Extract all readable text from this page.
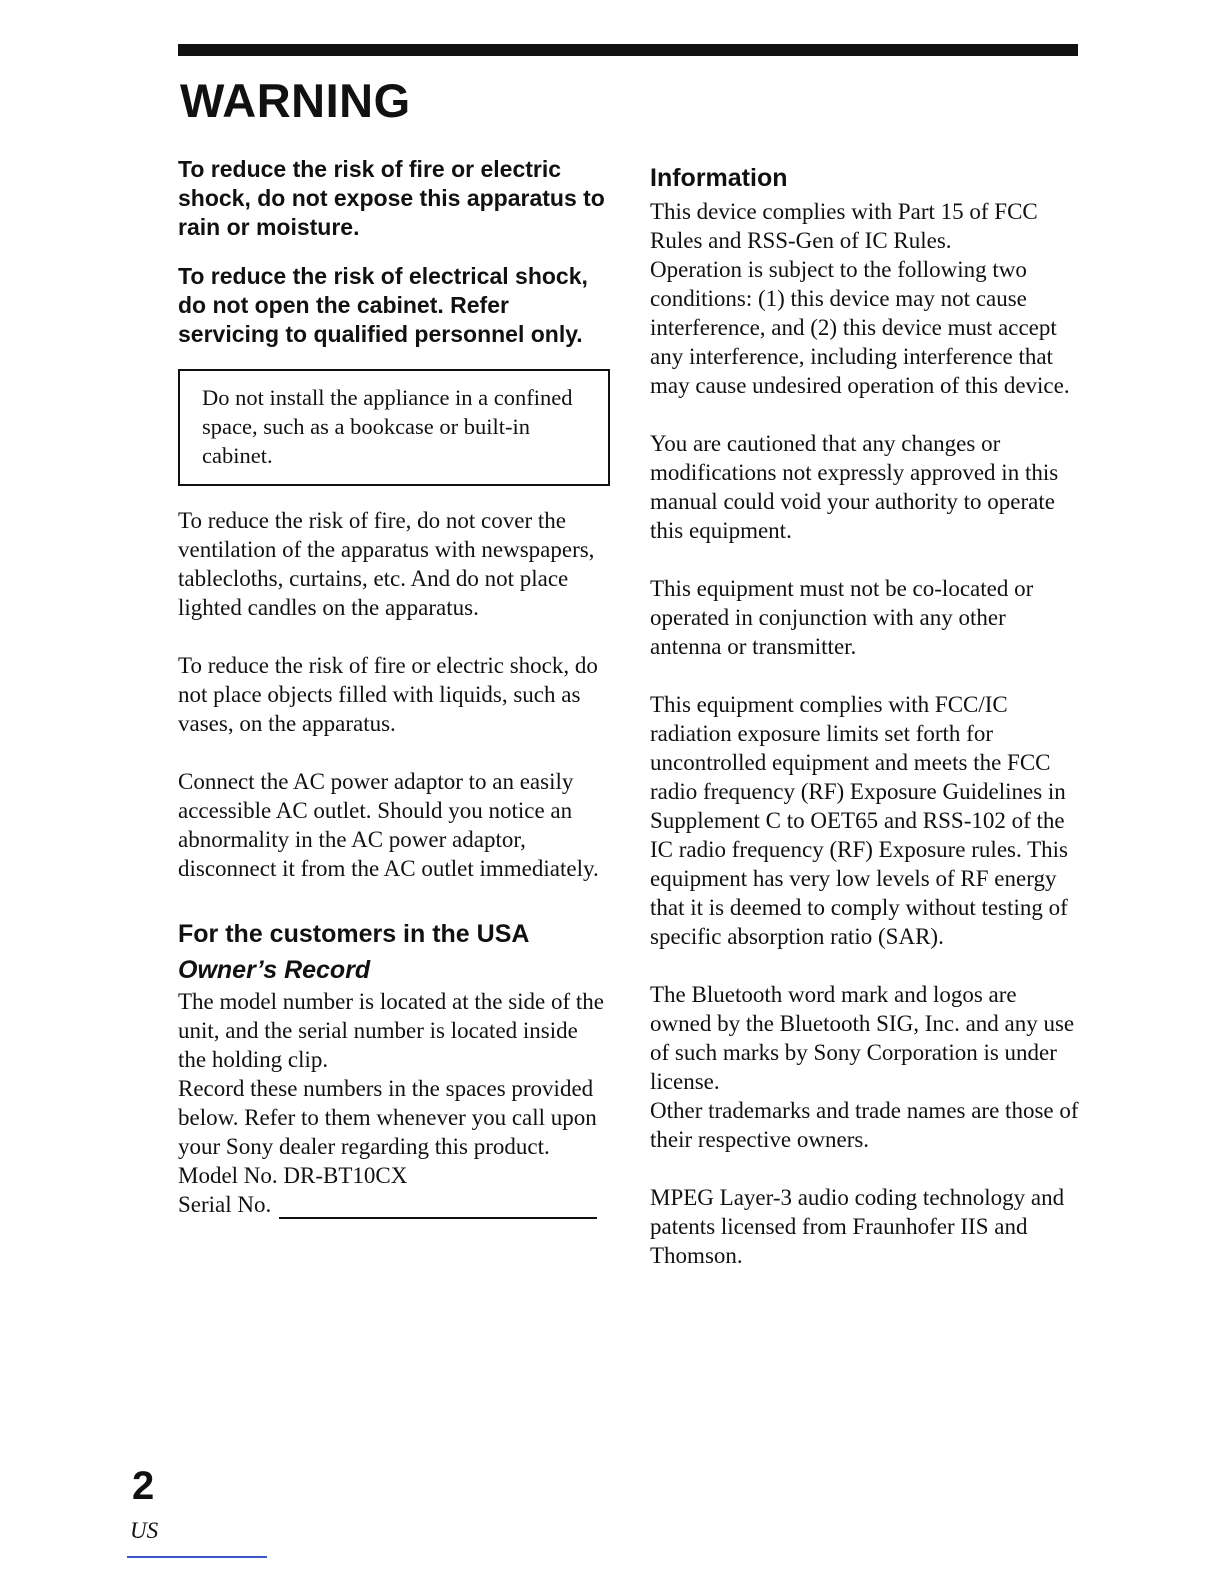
WARNING

To reduce the risk of fire or electric shock, do not expose this apparatus to rain or moisture.

To reduce the risk of electrical shock, do not open the cabinet. Refer servicing to qualified personnel only.

Do not install the appliance in a confined space, such as a bookcase or built-in cabinet.

To reduce the risk of fire, do not cover the ventilation of the apparatus with newspapers, tablecloths, curtains, etc. And do not place lighted candles on the apparatus.

To reduce the risk of fire or electric shock, do not place objects filled with liquids, such as vases, on the apparatus.

Connect the AC power adaptor to an easily accessible AC outlet. Should you notice an abnormality in the AC power adaptor, disconnect it from the AC outlet immediately.

For the customers in the USA
Owner’s Record

The model number is located at the side of the unit, and the serial number is located inside the holding clip.
Record these numbers in the spaces provided below. Refer to them whenever you call upon your Sony dealer regarding this product.

Model No. DR-BT10CX

Serial No.

Information

This device complies with Part 15 of FCC Rules and RSS-Gen of IC Rules.
Operation is subject to the following two conditions: (1) this device may not cause interference, and (2) this device must accept any interference, including interference that may cause undesired operation of this device.

You are cautioned that any changes or modifications not expressly approved in this manual could void your authority to operate this equipment.

This equipment must not be co-located or operated in conjunction with any other antenna or transmitter.

This equipment complies with FCC/IC radiation exposure limits set forth for uncontrolled equipment and meets the FCC radio frequency (RF) Exposure Guidelines in Supplement C to OET65 and RSS-102 of the IC radio frequency (RF) Exposure rules. This equipment has very low levels of RF energy that it is deemed to comply without testing of specific absorption ratio (SAR).

The Bluetooth word mark and logos are owned by the Bluetooth SIG, Inc. and any use of such marks by Sony Corporation is under license.
Other trademarks and trade names are those of their respective owners.

MPEG Layer-3 audio coding technology and patents licensed from Fraunhofer IIS and Thomson.

2
US
